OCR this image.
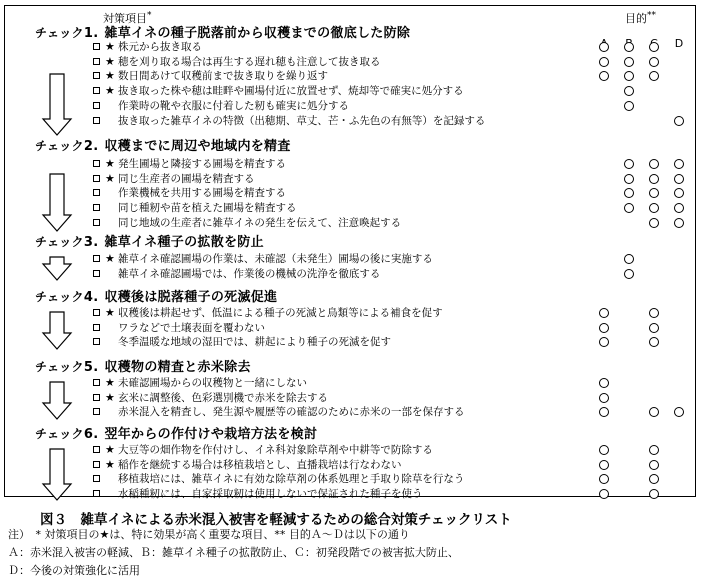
対策項目*	目的**
D
チェック1. 雑草イネの種子脱落前から収穫までの徹底した防除
★ 株元から抜き取る
★ 穂を刈り取る場合は再生する遅れ穂も注意して抜き取る
★ 数日間あけて収穫前まで抜き取りを繰り返す
★ 抜き取った株や穂は畦畔や圃場付近に放置せず、焼却等で確実に処分する
作業時の靴や衣服に付着した籾も確実に処分する
抜き取った雑草イネの特徴（出穂期、草丈、芒・ふ先色の有無等）を記録する
チェック2. 収穫までに周辺や地域内を精査
★ 発生圃場と隣接する圃場を精査する
★ 同じ生産者の圃場を精査する
作業機械を共用する圃場を精査する
同じ種籾や苗を植えた圃場を精査する
同じ地域の生産者に雑草イネの発生を伝えて、注意喚起する
チェック3. 雑草イネ種子の拡散を防止
★ 雑草イネ確認圃場の作業は、未確認（未発生）圃場の後に実施する
雑草イネ確認圃場では、作業後の機械の洗浄を徹底する
チェック4. 収穫後は脱落種子の死滅促進
★ 収穫後は耕起せず、低温による種子の死滅と鳥類等による補食を促す
ワラなどで土壌表面を覆わない
冬季温暖な地域の湿田では、耕起により種子の死滅を促す
チェック5. 収穫物の精査と赤米除去
★ 未確認圃場からの収穫物と一緒にしない
★ 玄米に調整後、色彩選別機で赤米を除去する
赤米混入を精査し、発生源や履歴等の確認のために赤米の一部を保存する
チェック6. 翌年からの作付けや栽培方法を検討
★ 大豆等の畑作物を作付けし、イネ科対象除草剤や中耕等で防除する
★ 稲作を継続する場合は移植栽培とし、直播栽培は行なわない
移植栽培には、雑草イネに有効な除草剤の体系処理と手取り除草を行なう
水稲種籾には、自家採取籾は使用しないで保証された種子を使う
図３　 雑草イネによる赤米混入被害を軽減するための総合対策チェックリスト
注）　* 対策項目の★は、特に効果が高く重要な項目、** 目的Ａ～Ｄは以下の通り
Ａ：赤米混入被害の軽減、Ｂ：雑草イネ種子の拡散防止、Ｃ：初発段階での被害拡大防止、
Ｄ：今後の対策強化に活用
